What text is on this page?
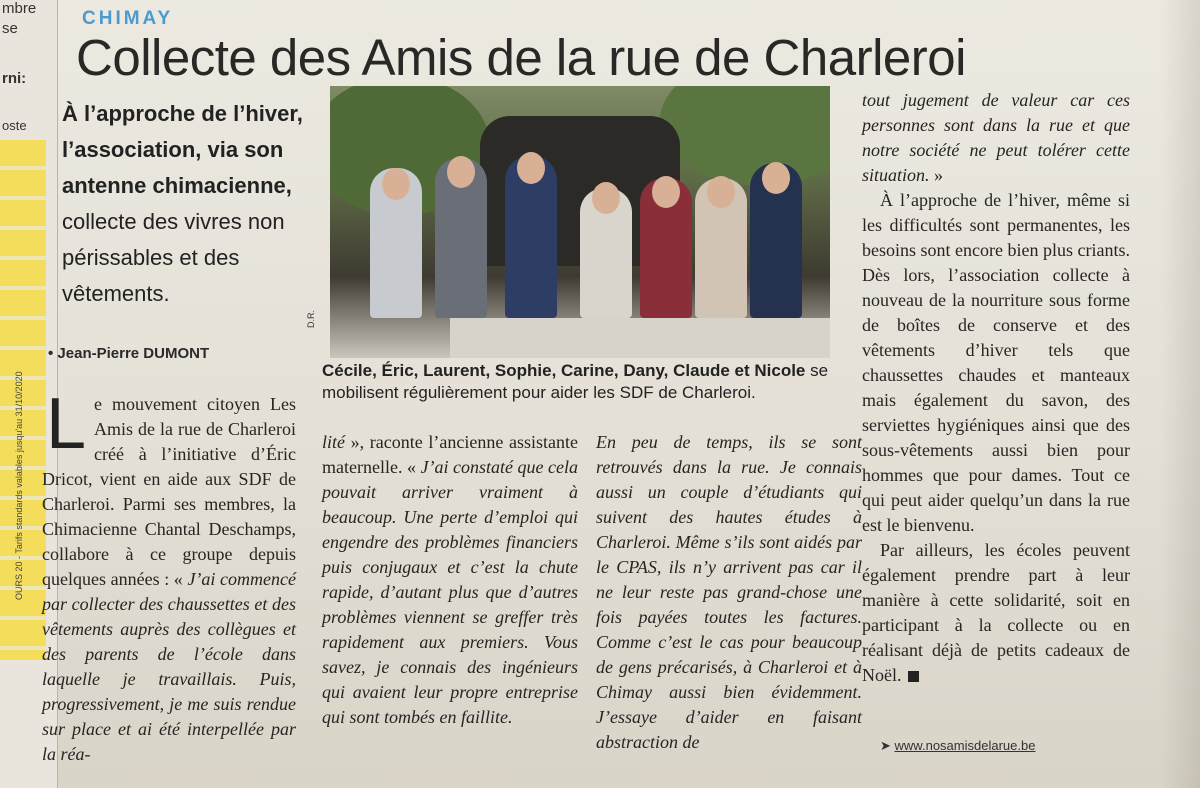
mbre
se
rni:
oste
OURS 20 - Tarifs standards valables jusqu'au 31/10/2020
CHIMAY
Collecte des Amis de la rue de Charleroi
À l’approche de l’hiver, l’association, via son antenne chimacienne, collecte des vivres non périssables et des vêtements.
• Jean-Pierre DUMONT
D.R.
Cécile, Éric, Laurent, Sophie, Carine, Dany, Claude et Nicole se mobilisent régulièrement pour aider les SDF de Charleroi.
L e mouvement citoyen Les Amis de la rue de Charleroi créé à l’initiative d’Éric Dricot, vient en aide aux SDF de Charleroi. Parmi ses membres, la Chimacienne Chantal Deschamps, collabore à ce groupe depuis quelques années : « J’ai commencé par collecter des chaussettes et des vêtements auprès des collègues et des parents de l’école dans laquelle je travaillais. Puis, progressivement, je me suis rendue sur place et ai été interpellée par la réa-
lité », raconte l’ancienne assistante maternelle. « J’ai constaté que cela pouvait arriver vraiment à beaucoup. Une perte d’emploi qui engendre des problèmes financiers puis conjugaux et c’est la chute rapide, d’autant plus que d’autres problèmes viennent se greffer très rapidement aux premiers. Vous savez, je connais des ingénieurs qui avaient leur propre entreprise qui sont tombés en faillite.
En peu de temps, ils se sont retrouvés dans la rue. Je connais aussi un couple d’étudiants qui suivent des hautes études à Charleroi. Même s’ils sont aidés par le CPAS, ils n’y arrivent pas car il ne leur reste pas grand-chose une fois payées toutes les factures. Comme c’est le cas pour beaucoup de gens précarisés, à Charleroi et à Chimay aussi bien évidemment. J’essaye d’aider en faisant abstraction de
tout jugement de valeur car ces personnes sont dans la rue et que notre société ne peut tolérer cette situation. »

À l’approche de l’hiver, même si les difficultés sont permanentes, les besoins sont encore bien plus criants. Dès lors, l’association collecte à nouveau de la nourriture sous forme de boîtes de conserve et des vêtements d’hiver tels que chaussettes chaudes et manteaux mais également du savon, des serviettes hygiéniques ainsi que des sous-vêtements aussi bien pour hommes que pour dames. Tout ce qui peut aider quelqu’un dans la rue est le bienvenu.

Par ailleurs, les écoles peuvent également prendre part à leur manière à cette solidarité, soit en participant à la collecte ou en réalisant déjà de petits cadeaux de Noël.

➤ www.nosamisdelarue.be
